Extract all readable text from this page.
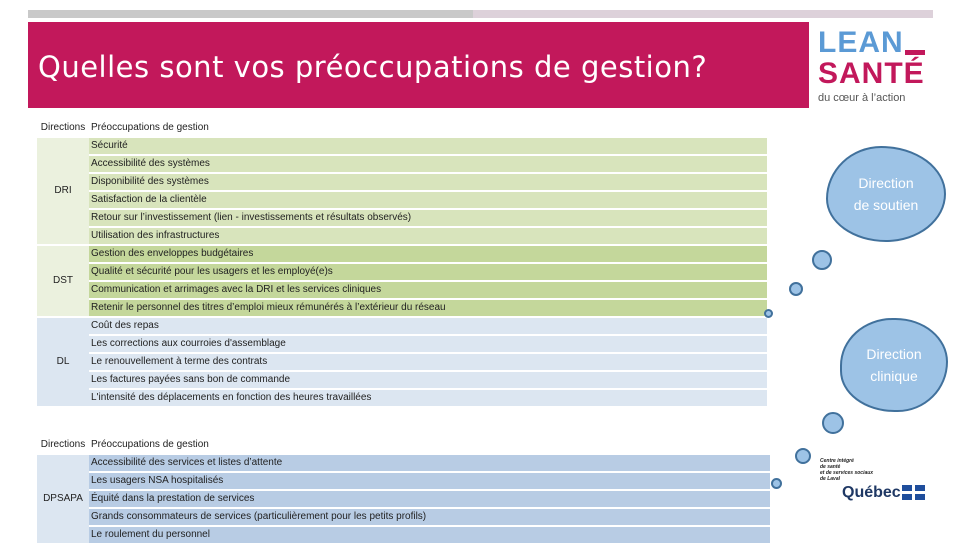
Quelles sont vos préoccupations de gestion?
LEAN
SANTÉ
du cœur à l’action
Directions	Préoccupations de gestion
DRI	Sécurité
	Accessibilité des systèmes
	Disponibilité des systèmes
	Satisfaction de la clientèle
	Retour sur l’investissement (lien - investissements et résultats observés)
	Utilisation des infrastructures
DST	Gestion des enveloppes budgétaires
	Qualité et sécurité pour les usagers et les employé(e)s
	Communication et arrimages avec la DRI et les services cliniques
	Retenir le personnel des titres d’emploi mieux rémunérés à l’extérieur du réseau
DL	Coût des repas
	Les corrections aux courroies d'assemblage
	Le renouvellement à terme des contrats
	Les factures payées sans bon de commande
	L'intensité des déplacements en fonction des heures travaillées
Directions	Préoccupations de gestion
DPSAPA	Accessibilité des services et listes d’attente
	Les usagers NSA hospitalisés
	Équité dans la prestation de services
	Grands consommateurs de services (particulièrement pour les petits profils)
	Le roulement du personnel
Direction de soutien
Direction clinique
Centre intégré
de santé
et de services sociaux
de Laval
Québec
